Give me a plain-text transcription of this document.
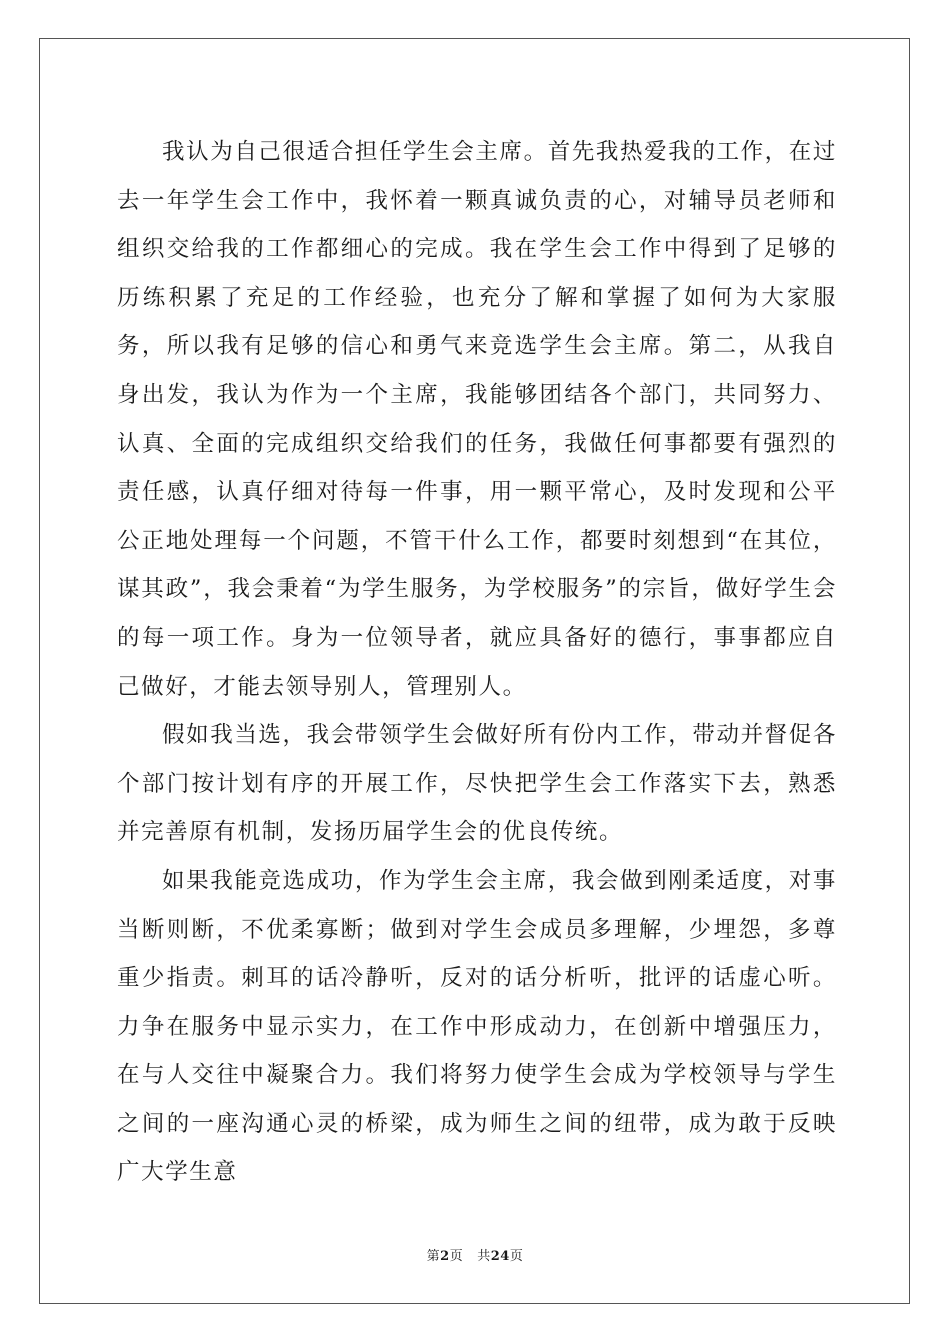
我认为自己很适合担任学生会主席。首先我热爱我的工作，在过去一年学生会工作中，我怀着一颗真诚负责的心，对辅导员老师和组织交给我的工作都细心的完成。我在学生会工作中得到了足够的历练积累了充足的工作经验，也充分了解和掌握了如何为大家服务，所以我有足够的信心和勇气来竞选学生会主席。第二，从我自身出发，我认为作为一个主席，我能够团结各个部门，共同努力、认真、全面的完成组织交给我们的任务，我做任何事都要有强烈的责任感，认真仔细对待每一件事，用一颗平常心，及时发现和公平公正地处理每一个问题，不管干什么工作，都要时刻想到“在其位，谋其政”，我会秉着“为学生服务，为学校服务”的宗旨，做好学生会的每一项工作。身为一位领导者，就应具备好的德行，事事都应自己做好，才能去领导别人，管理别人。

假如我当选，我会带领学生会做好所有份内工作，带动并督促各个部门按计划有序的开展工作，尽快把学生会工作落实下去，熟悉并完善原有机制，发扬历届学生会的优良传统。

如果我能竞选成功，作为学生会主席，我会做到刚柔适度，对事当断则断，不优柔寡断；做到对学生会成员多理解，少埋怨，多尊重少指责。刺耳的话冷静听，反对的话分析听，批评的话虚心听。力争在服务中显示实力，在工作中形成动力，在创新中增强压力，在与人交往中凝聚合力。我们将努力使学生会成为学校领导与学生之间的一座沟通心灵的桥梁，成为师生之间的纽带，成为敢于反映广大学生意

第2页 共24页
